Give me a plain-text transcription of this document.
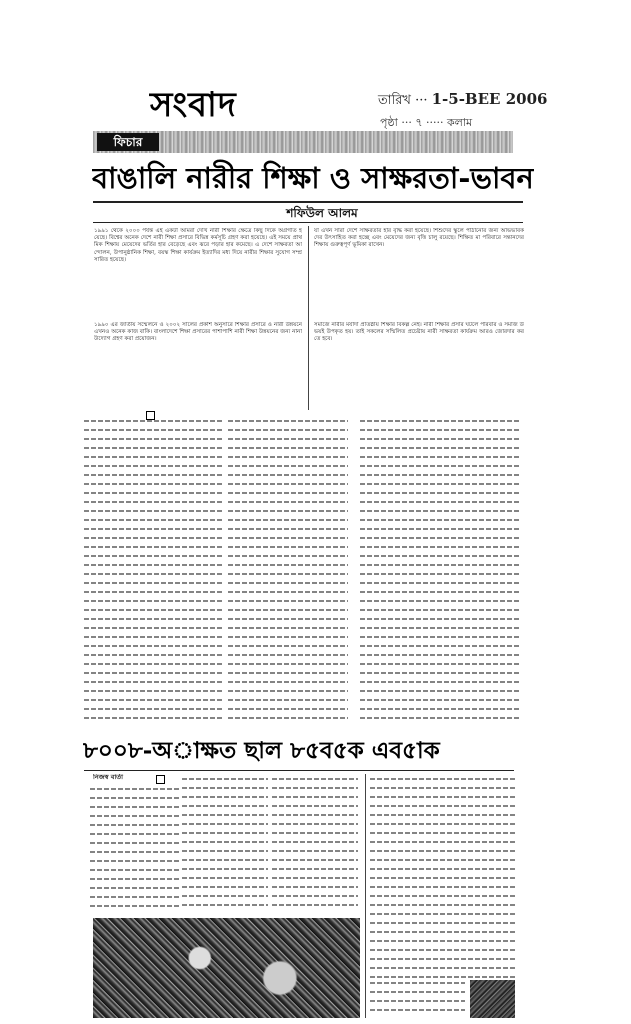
সংবাদ	তারিখ ··· 1-5-BEE 2006
পৃষ্ঠা ··· ৭ ····· কলাম
ফিচার
বাঙালি নারীর শিক্ষা ও সাক্ষরতা-ভাবন
শফিউল আলম

১৯৯১ থেকে ২০০০ পর্যন্ত এই একটা আমরা দেখি নারী শিক্ষার ক্ষেত্রে কিছু দিকে অগ্রগতি হয়েছে। বিশ্বের অনেক দেশে নারী শিক্ষা প্রসারে বিভিন্ন কর্মসূচি গ্রহণ করা হয়েছে। এই সময়ে প্রাথমিক শিক্ষায় মেয়েদের ভর্তির হার বেড়েছে এবং ঝরে পড়ার হার কমেছে। এ দেশে সাক্ষরতা আন্দোলন, উপানুষ্ঠানিক শিক্ষা, বয়স্ক শিক্ষা কার্যক্রম ইত্যাদির মধ্য দিয়ে নারীর শিক্ষার সুযোগ সম্প্রসারিত হয়েছে।

১৯৯০ এর জাতীয় সম্মেলনে ও ২০০২ সালের প্রকাশ অনুসারে শিক্ষার প্রসারে ও নারী উন্নয়নে এখনও অনেক কাজ বাকি। বাংলাদেশে শিক্ষা প্রসারের পাশাপাশি নারী শিক্ষা উন্নয়নের জন্য নানা উদ্যোগ গ্রহণ করা প্রয়োজন।

যা এখন সারা দেশে সাক্ষরতার হার বৃদ্ধি করা হয়েছে। শিশুদের স্কুলে পাঠানোর জন্য অভিভাবকদের উৎসাহিত করা হচ্ছে এবং মেয়েদের জন্য বৃত্তি চালু রয়েছে। শিক্ষিত মা পরিবারে সন্তানদের শিক্ষায় গুরুত্বপূর্ণ ভূমিকা রাখেন।

সমাজে নারীর মর্যাদা প্রতিষ্ঠায় শিক্ষার বিকল্প নেই। নারী শিক্ষার প্রসার ঘটলে পরিবার ও সমাজ উভয়ই উপকৃত হয়। তাই সকলের সম্মিলিত প্রচেষ্টায় নারী সাক্ষরতা কার্যক্রম আরও জোরদার করতে হবে।

৮০০৮-অাক্ষত ছাল ৮৫ব৫ক এব৫াক
নিজস্ব বার্তা
